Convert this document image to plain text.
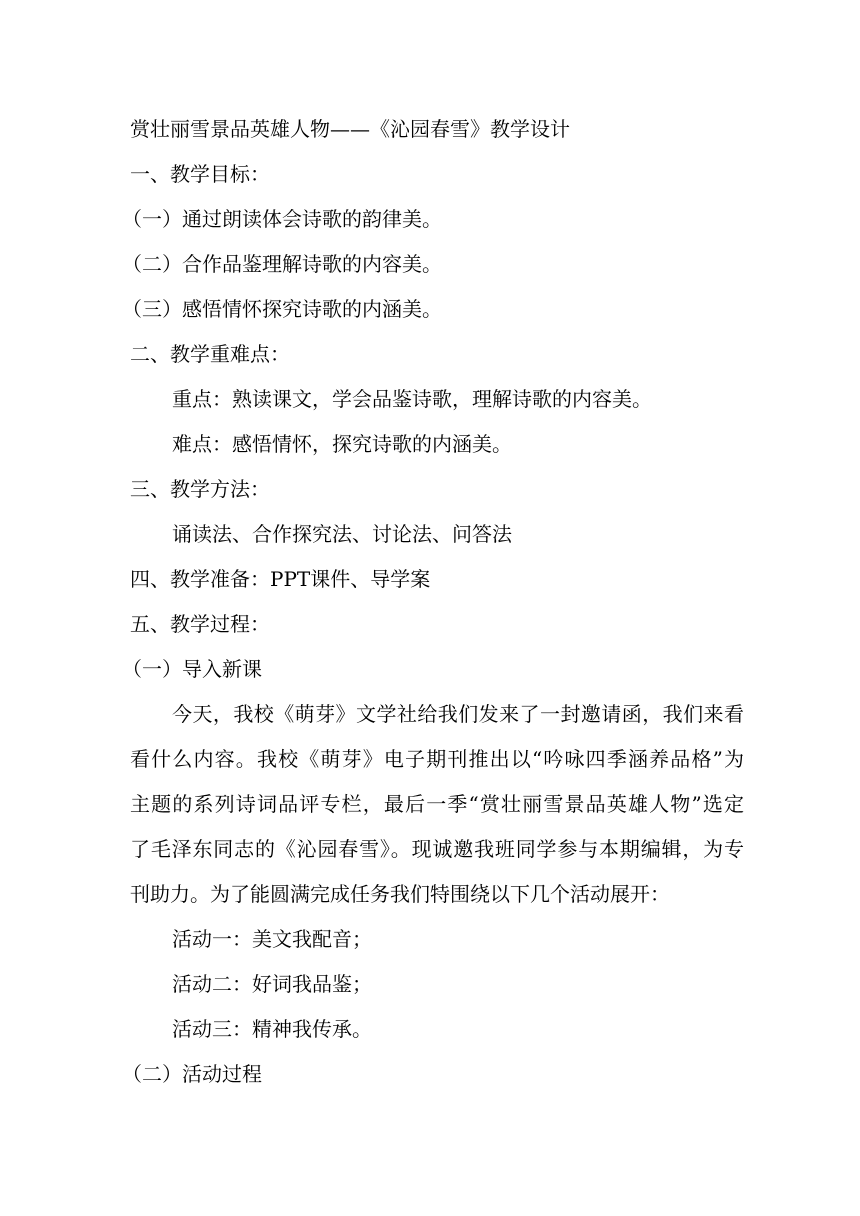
赏壮丽雪景品英雄人物——《沁园春雪》教学设计
一、教学目标：
（一）通过朗读体会诗歌的韵律美。
（二）合作品鉴理解诗歌的内容美。
（三）感悟情怀探究诗歌的内涵美。
二、教学重难点：
重点：熟读课文，学会品鉴诗歌，理解诗歌的内容美。
难点：感悟情怀，探究诗歌的内涵美。
三、教学方法：
诵读法、合作探究法、讨论法、问答法
四、教学准备：PPT课件、导学案
五、教学过程：
（一）导入新课
今天，我校《萌芽》文学社给我们发来了一封邀请函，我们来看
看什么内容。我校《萌芽》电子期刊推出以“吟咏四季涵养品格”为
主题的系列诗词品评专栏，最后一季“赏壮丽雪景品英雄人物”选定
了毛泽东同志的《沁园春雪》。现诚邀我班同学参与本期编辑，为专
刊助力。为了能圆满完成任务我们特围绕以下几个活动展开：
活动一：美文我配音；
活动二：好词我品鉴；
活动三：精神我传承。
（二）活动过程
